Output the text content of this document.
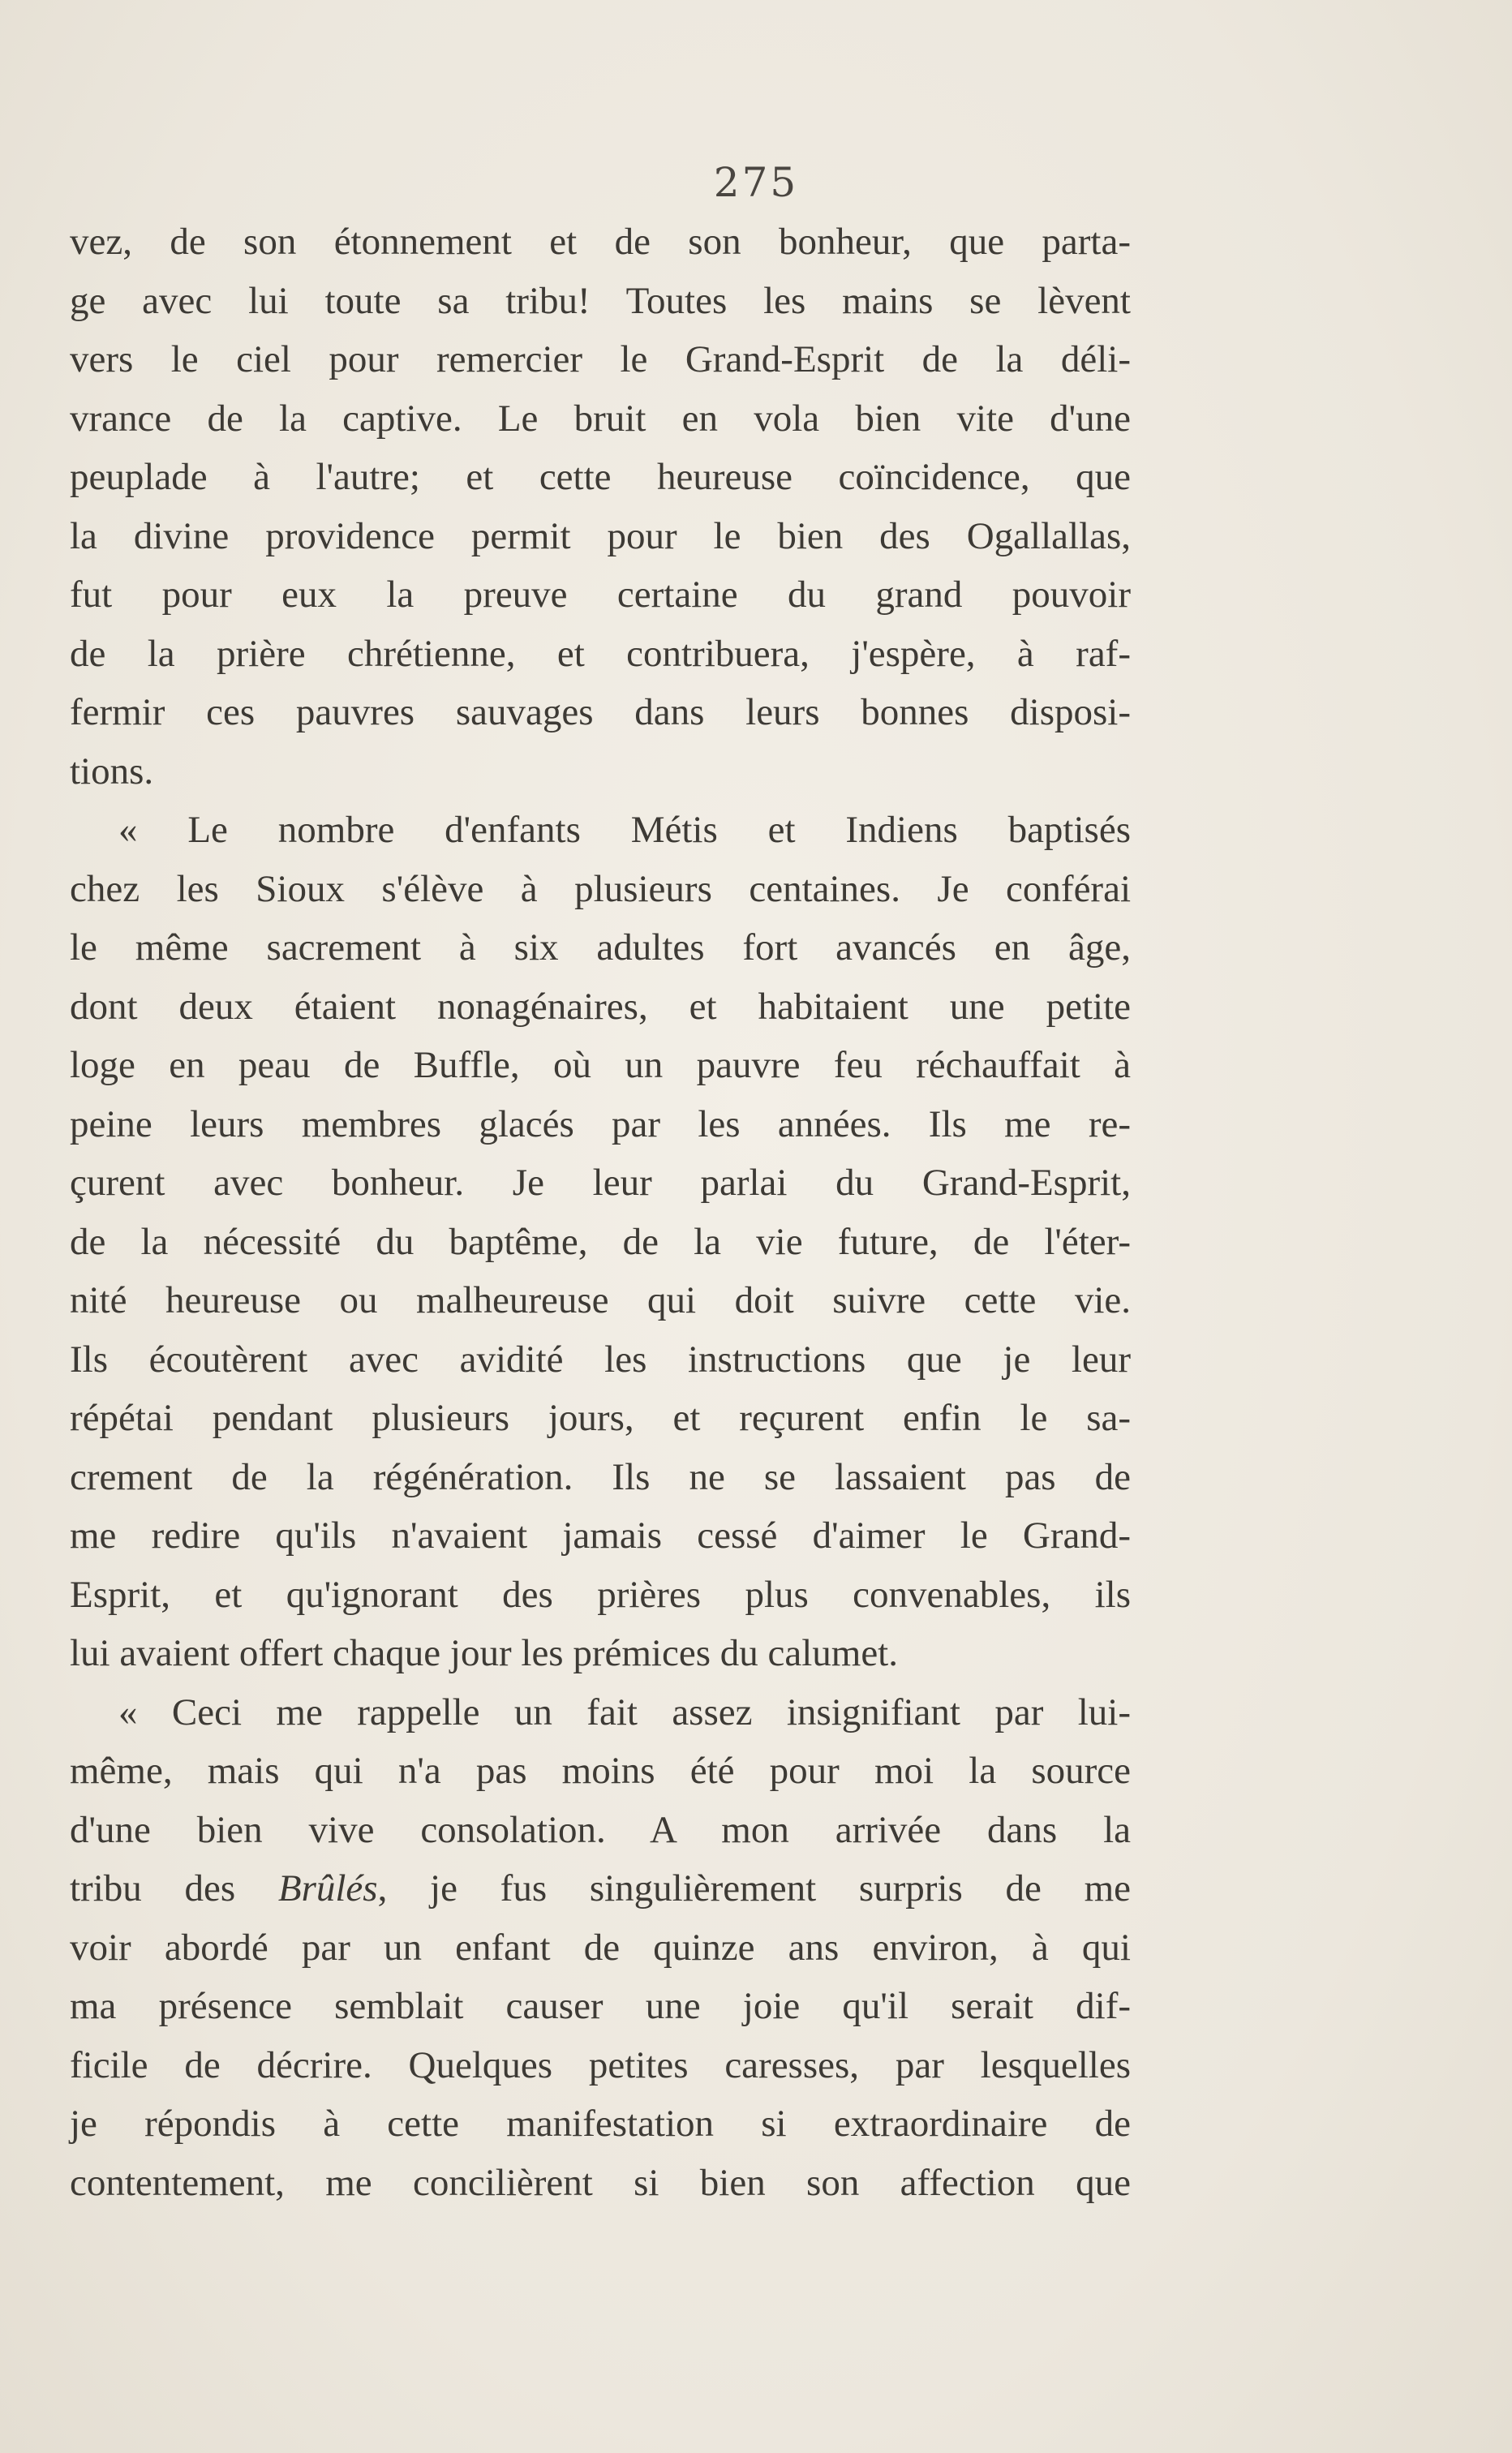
275
vez, de son étonnement et de son bonheur, que parta-
ge avec lui toute sa tribu! Toutes les mains se lèvent
vers le ciel pour remercier le Grand-Esprit de la déli-
vrance de la captive. Le bruit en vola bien vite d'une
peuplade à l'autre; et cette heureuse coïncidence, que
la divine providence permit pour le bien des Ogallallas,
fut pour eux la preuve certaine du grand pouvoir
de la prière chrétienne, et contribuera, j'espère, à raf-
fermir ces pauvres sauvages dans leurs bonnes disposi-
tions.
« Le nombre d'enfants Métis et Indiens baptisés
chez les Sioux s'élève à plusieurs centaines. Je conférai
le même sacrement à six adultes fort avancés en âge,
dont deux étaient nonagénaires, et habitaient une petite
loge en peau de Buffle, où un pauvre feu réchauffait à
peine leurs membres glacés par les années. Ils me re-
çurent avec bonheur. Je leur parlai du Grand-Esprit,
de la nécessité du baptême, de la vie future, de l'éter-
nité heureuse ou malheureuse qui doit suivre cette vie.
Ils écoutèrent avec avidité les instructions que je leur
répétai pendant plusieurs jours, et reçurent enfin le sa-
crement de la régénération. Ils ne se lassaient pas de
me redire qu'ils n'avaient jamais cessé d'aimer le Grand-
Esprit, et qu'ignorant des prières plus convenables, ils
lui avaient offert chaque jour les prémices du calumet.
« Ceci me rappelle un fait assez insignifiant par lui-
même, mais qui n'a pas moins été pour moi la source
d'une bien vive consolation. A mon arrivée dans la
tribu des Brûlés, je fus singulièrement surpris de me
voir abordé par un enfant de quinze ans environ, à qui
ma présence semblait causer une joie qu'il serait dif-
ficile de décrire. Quelques petites caresses, par lesquelles
je répondis à cette manifestation si extraordinaire de
contentement, me concilièrent si bien son affection que
